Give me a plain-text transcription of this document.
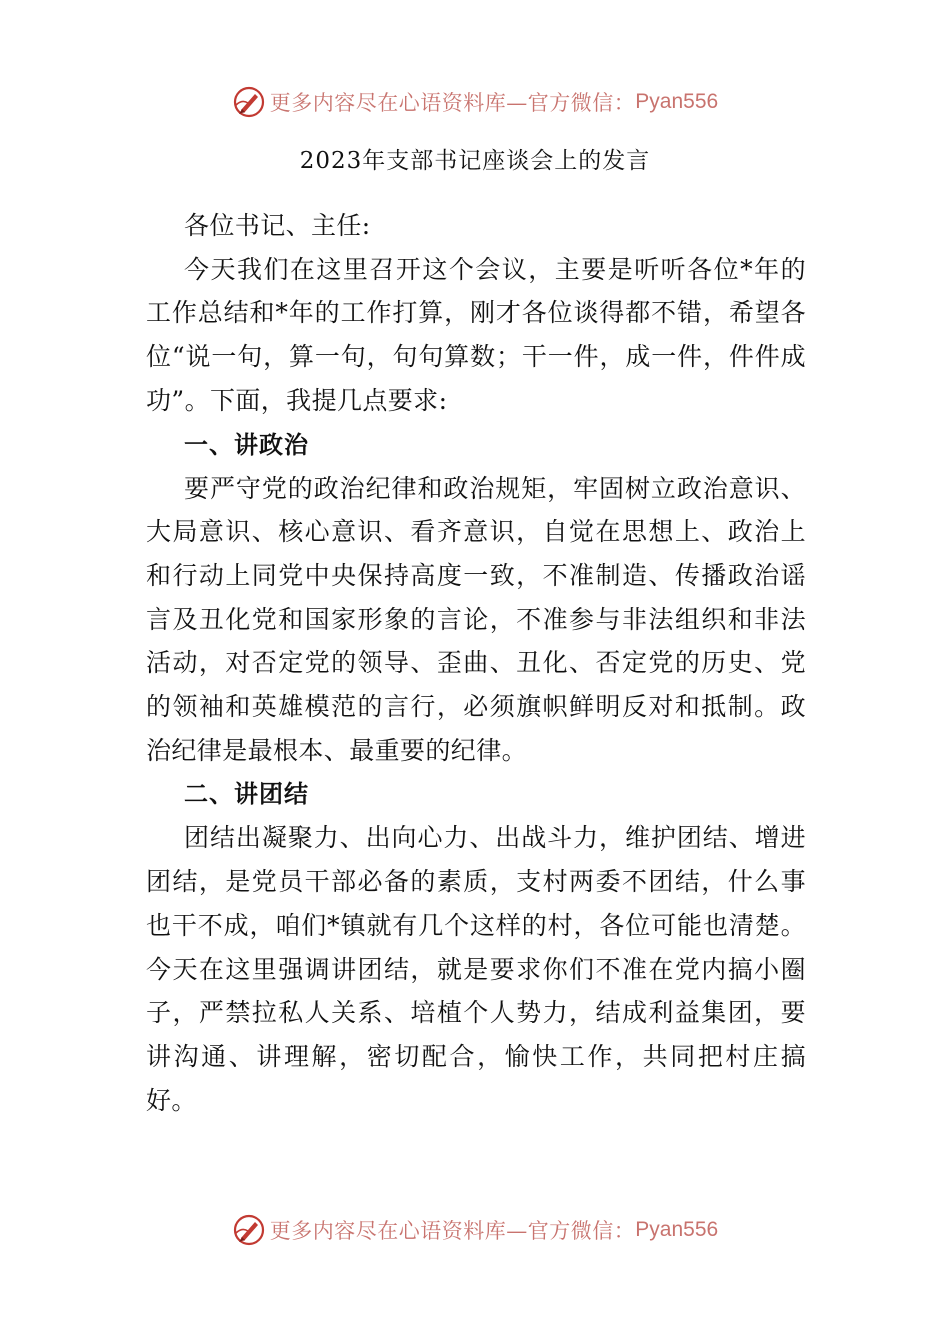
更多内容尽在心语资料库—官方微信： Pyan556
2023年支部书记座谈会上的发言

各位书记、主任:

今天我们在这里召开这个会议，主要是听听各位*年的工作总结和*年的工作打算，刚才各位谈得都不错，希望各位“说一句，算一句，句句算数；干一件，成一件，件件成功”。下面，我提几点要求:

一、讲政治

要严守党的政治纪律和政治规矩，牢固树立政治意识、大局意识、核心意识、看齐意识，自觉在思想上、政治上和行动上同党中央保持高度一致，不准制造、传播政治谣言及丑化党和国家形象的言论，不准参与非法组织和非法活动，对否定党的领导、歪曲、丑化、否定党的历史、党的领袖和英雄模范的言行，必须旗帜鲜明反对和抵制。政治纪律是最根本、最重要的纪律。

二、讲团结

团结出凝聚力、出向心力、出战斗力，维护团结、增进团结，是党员干部必备的素质，支村两委不团结，什么事也干不成，咱们*镇就有几个这样的村，各位可能也清楚。今天在这里强调讲团结，就是要求你们不准在党内搞小圈子，严禁拉私人关系、培植个人势力，结成利益集团，要讲沟通、讲理解，密切配合，愉快工作，共同把村庄搞好。

更多内容尽在心语资料库—官方微信： Pyan556
